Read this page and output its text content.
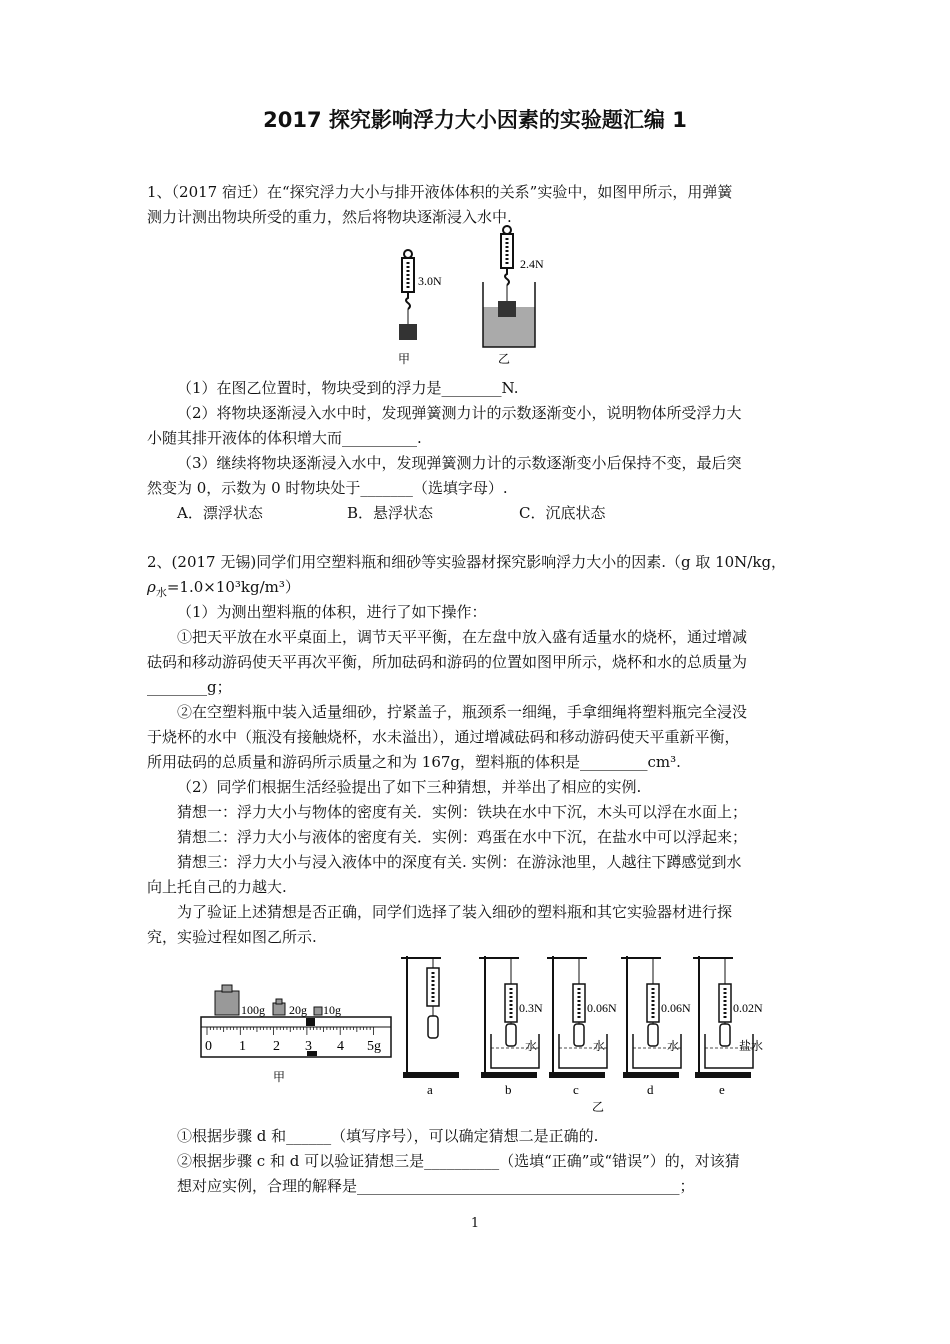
2017 探究影响浮力大小因素的实验题汇编 1
1、（2017 宿迁）在“探究浮力大小与排开液体体积的关系”实验中，如图甲所示，用弹簧
测力计测出物块所受的重力，然后将物块逐渐浸入水中.
3.0N
甲
2.4N
乙
（1）在图乙位置时，物块受到的浮力是________N.
（2）将物块逐渐浸入水中时，发现弹簧测力计的示数逐渐变小，说明物体所受浮力大
小随其排开液体的体积增大而__________.
（3）继续将物块逐渐浸入水中，发现弹簧测力计的示数逐渐变小后保持不变，最后突
然变为 0，示数为 0 时物块处于_______（选填字母）.
A．漂浮状态	B．悬浮状态	C．沉底状态
2、(2017 无锡)同学们用空塑料瓶和细砂等实验器材探究影响浮力大小的因素.（g 取 10N/kg，
$\rho_水=1.0\times 10^3kg/m^3$）
（1）为测出塑料瓶的体积，进行了如下操作：
①把天平放在水平桌面上，调节天平平衡，在左盘中放入盛有适量水的烧杯，通过增减
砝码和移动游码使天平再次平衡，所加砝码和游码的位置如图甲所示，烧杯和水的总质量为
________g；
②在空塑料瓶中装入适量细砂，拧紧盖子，瓶颈系一细绳，手拿细绳将塑料瓶完全浸没
于烧杯的水中（瓶没有接触烧杯，水未溢出），通过增减砝码和移动游码使天平重新平衡，
所用砝码的总质量和游码所示质量之和为 167g，塑料瓶的体积是_________cm³.
（2）同学们根据生活经验提出了如下三种猜想，并举出了相应的实例.
猜想一：浮力大小与物体的密度有关．实例：铁块在水中下沉，木头可以浮在水面上；
猜想二：浮力大小与液体的密度有关．实例：鸡蛋在水中下沉，在盐水中可以浮起来；
猜想三：浮力大小与浸入液体中的深度有关. 实例：在游泳池里，人越往下蹲感觉到水
向上托自己的力越大.
为了验证上述猜想是否正确，同学们选择了装入细砂的塑料瓶和其它实验器材进行探
究，实验过程如图乙所示.
100g 20g 10g
0 1 2 3 4 5g
甲
a
0.3N
水
b
0.06N
水
c
0.06N
水
d
0.02N
盐水
e
乙
①根据步骤 d 和______（填写序号），可以确定猜想二是正确的.
②根据步骤 c 和 d 可以验证猜想三是__________（选填“正确”或“错误”）的，对该猜
想对应实例，合理的解释是___________________________________________；
1
